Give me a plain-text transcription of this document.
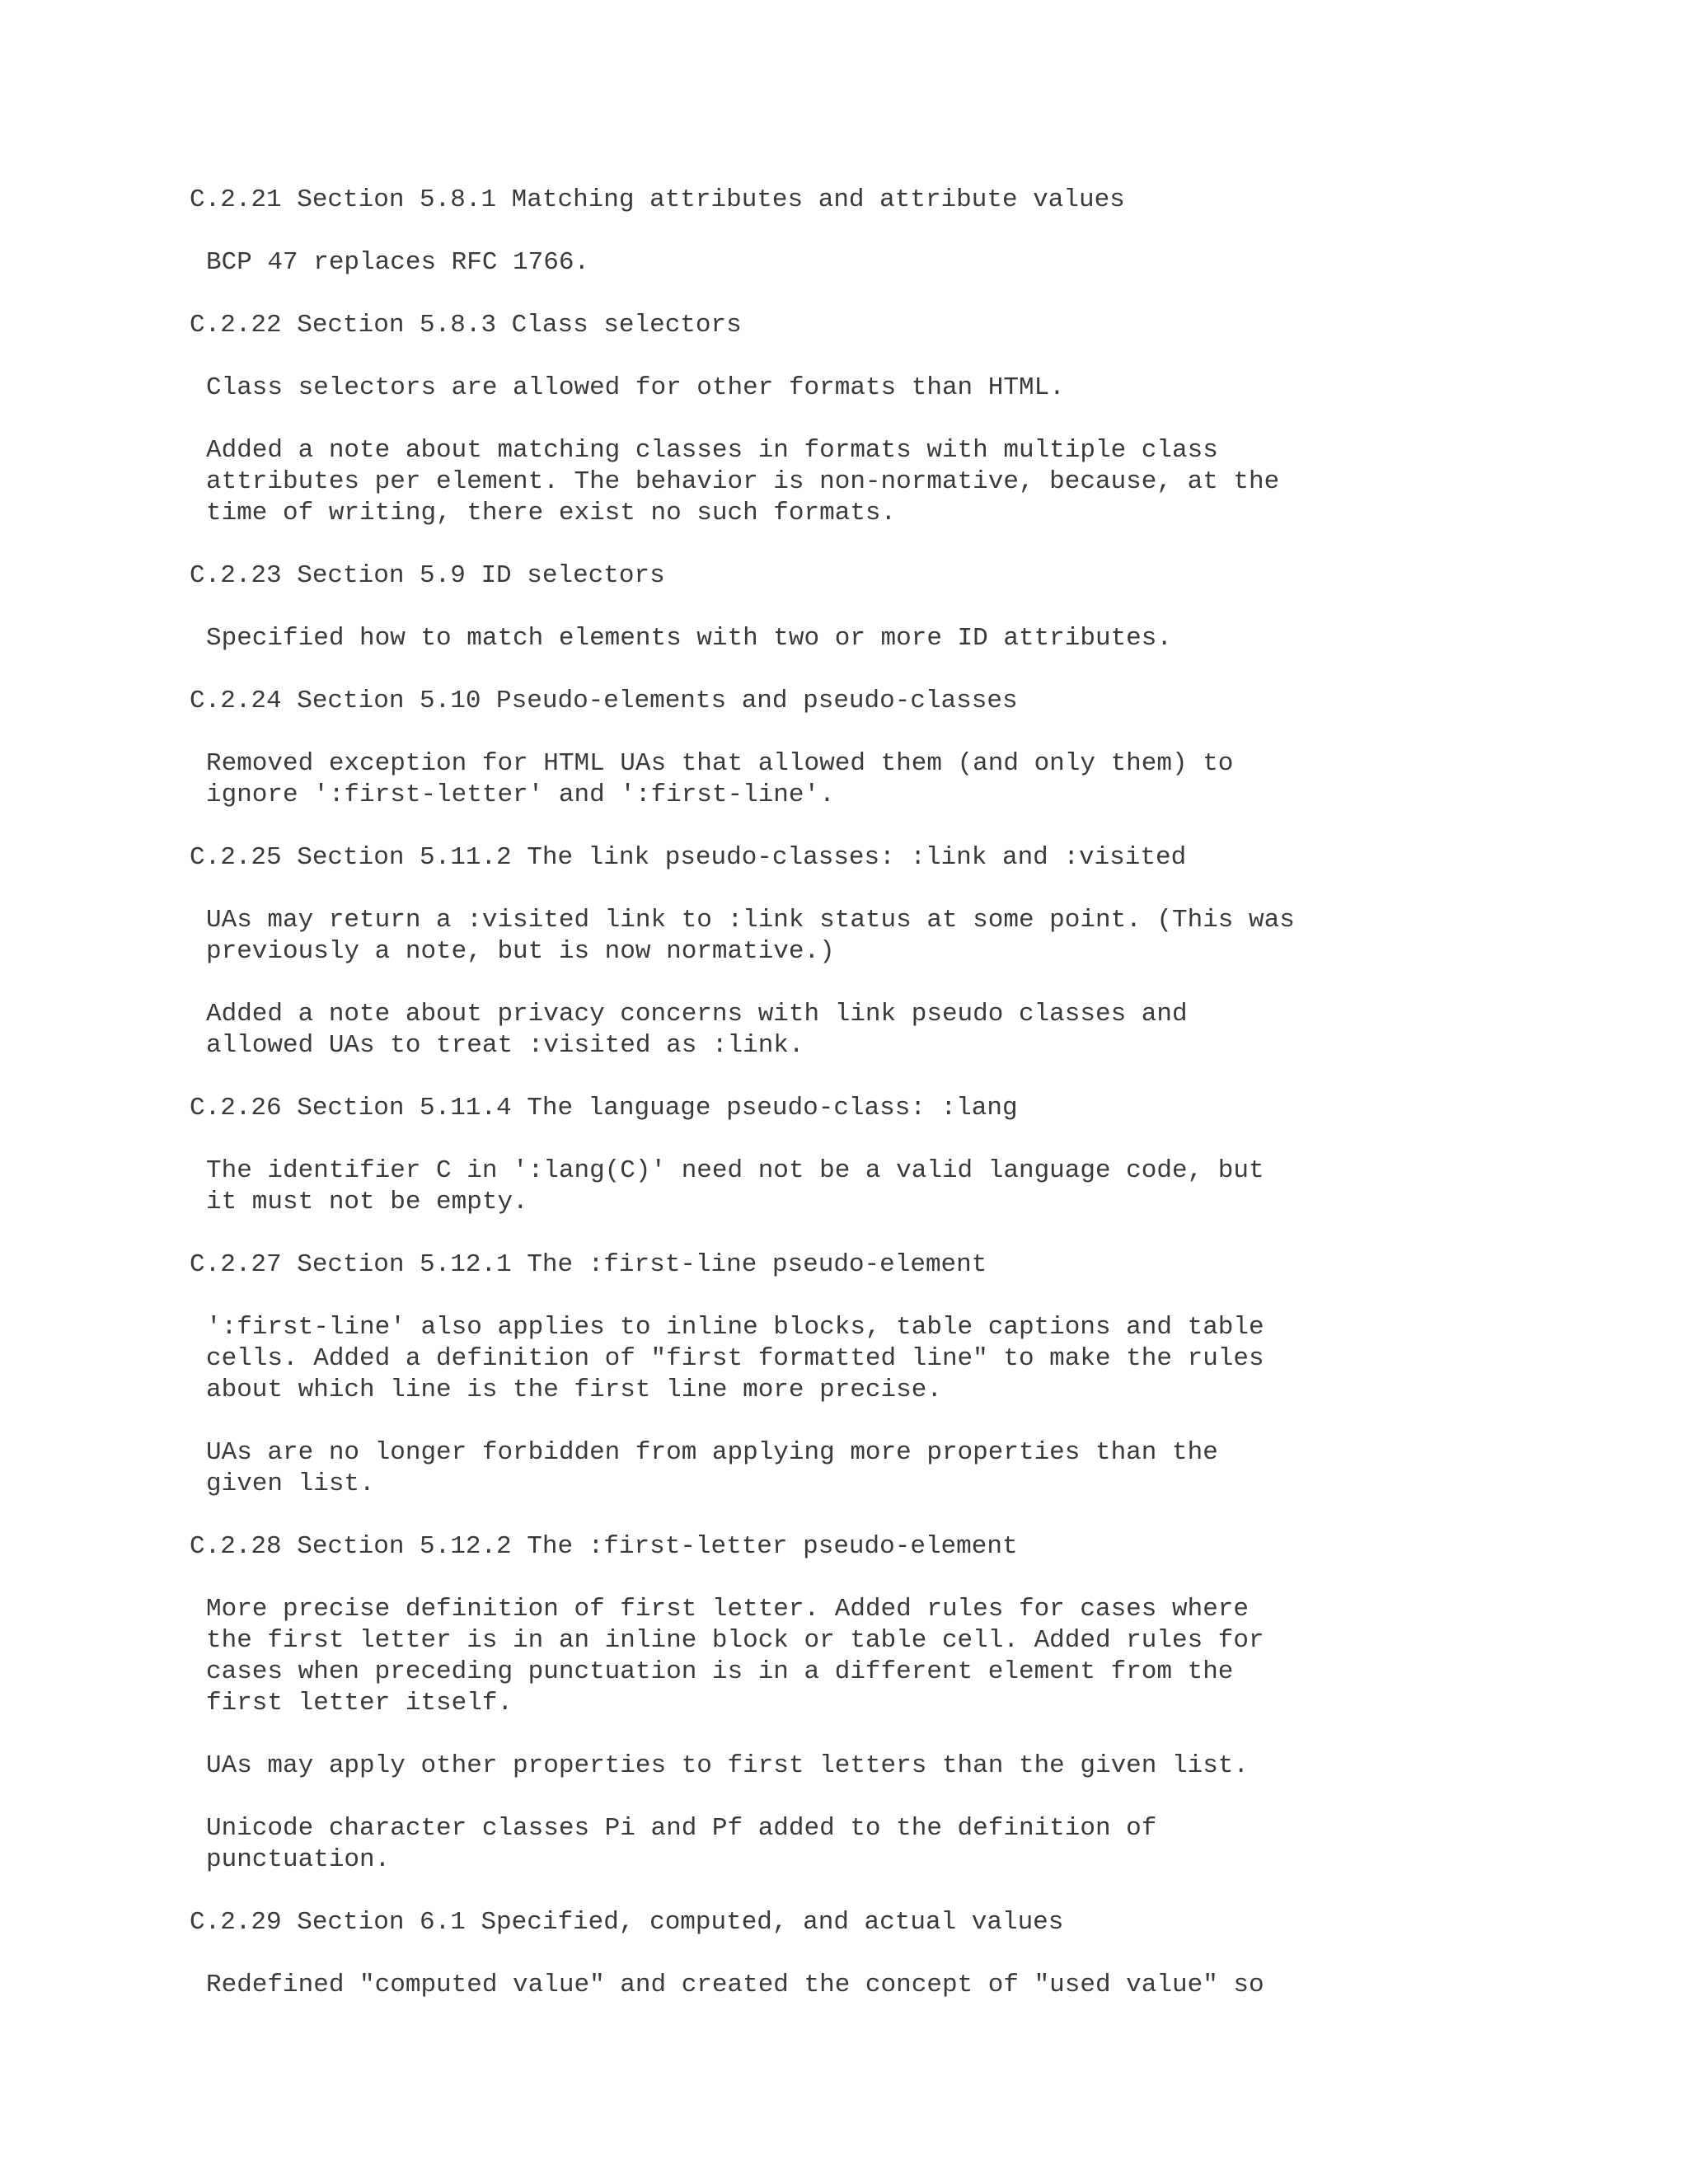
C.2.21 Section 5.8.1 Matching attributes and attribute values

BCP 47 replaces RFC 1766.

C.2.22 Section 5.8.3 Class selectors

Class selectors are allowed for other formats than HTML.

Added a note about matching classes in formats with multiple class
attributes per element. The behavior is non-normative, because, at the
time of writing, there exist no such formats.

C.2.23 Section 5.9 ID selectors

Specified how to match elements with two or more ID attributes.

C.2.24 Section 5.10 Pseudo-elements and pseudo-classes

Removed exception for HTML UAs that allowed them (and only them) to
ignore ':first-letter' and ':first-line'.

C.2.25 Section 5.11.2 The link pseudo-classes: :link and :visited

UAs may return a :visited link to :link status at some point. (This was
previously a note, but is now normative.)

Added a note about privacy concerns with link pseudo classes and
allowed UAs to treat :visited as :link.

C.2.26 Section 5.11.4 The language pseudo-class: :lang

The identifier C in ':lang(C)' need not be a valid language code, but
it must not be empty.

C.2.27 Section 5.12.1 The :first-line pseudo-element

':first-line' also applies to inline blocks, table captions and table
cells. Added a definition of "first formatted line" to make the rules
about which line is the first line more precise.

UAs are no longer forbidden from applying more properties than the
given list.

C.2.28 Section 5.12.2 The :first-letter pseudo-element

More precise definition of first letter. Added rules for cases where
the first letter is in an inline block or table cell. Added rules for
cases when preceding punctuation is in a different element from the
first letter itself.

UAs may apply other properties to first letters than the given list.

Unicode character classes Pi and Pf added to the definition of
punctuation.

C.2.29 Section 6.1 Specified, computed, and actual values

Redefined "computed value" and created the concept of "used value" so
